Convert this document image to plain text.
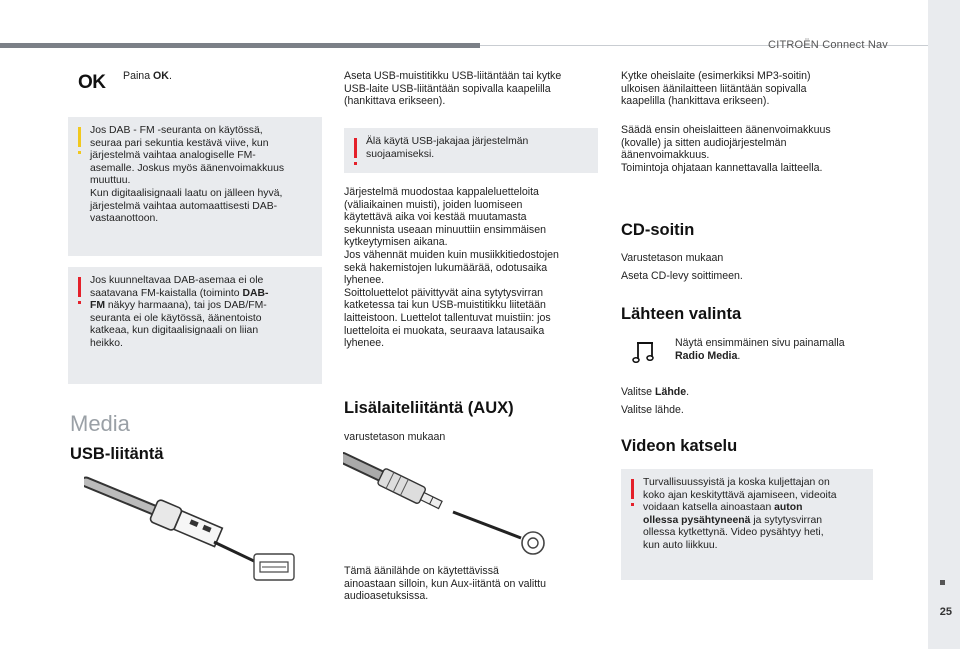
CITROËN Connect Nav
25
OK Paina OK.
Jos DAB - FM -seuranta on käytössä,
seuraa pari sekuntia kestävä viive, kun
järjestelmä vaihtaa analogiselle FM-
asemalle. Joskus myös äänenvoimakkuus
muuttuu.
Kun digitaalisignaali laatu on jälleen hyvä,
järjestelmä vaihtaa automaattisesti DAB-
vastaanottoon.
Jos kuunneltavaa DAB-asemaa ei ole
saatavana FM-kaistalla (toiminto DAB-
FM näkyy harmaana), tai jos DAB/FM-
seuranta ei ole käytössä, äänentoisto
katkeaa, kun digitaalisignaali on liian
heikko.
Media
USB-liitäntä
Aseta USB-muistitikku USB-liitäntään tai kytke
USB-laite USB-liitäntään sopivalla kaapelilla
(hankittava erikseen).
Älä käytä USB-jakajaa järjestelmän
suojaamiseksi.
Järjestelmä muodostaa kappaleluetteloita
(väliaikainen muisti), joiden luomiseen
käytettävä aika voi kestää muutamasta
sekunnista useaan minuuttiin ensimmäisen
kytkeytymisen aikana.
Jos vähennät muiden kuin musiikkitiedostojen
sekä hakemistojen lukumäärää, odotusaika
lyhenee.
Soittoluettelot päivittyvät aina sytytysvirran
katketessa tai kun USB-muistitikku liitetään
laitteistoon. Luettelot tallentuvat muistiin: jos
luetteloita ei muokata, seuraava latausaika
lyhenee.
Lisälaiteliitäntä (AUX)
varustetason mukaan
Tämä äänilähde on käytettävissä
ainoastaan silloin, kun Aux-iitäntä on valittu
audioasetuksissa.
Kytke oheislaite (esimerkiksi MP3-soitin)
ulkoisen äänilaitteen liitäntään sopivalla
kaapelilla (hankittava erikseen).
Säädä ensin oheislaitteen äänenvoimakkuus
(kovalle) ja sitten audiojärjestelmän
äänenvoimakkuus.
Toimintoja ohjataan kannettavalla laitteella.
CD-soitin
Varustetason mukaan
Aseta CD-levy soittimeen.
Lähteen valinta
Näytä ensimmäinen sivu painamalla
Radio Media.
Valitse Lähde.
Valitse lähde.
Videon katselu
Turvallisuussyistä ja koska kuljettajan on
koko ajan keskityttävä ajamiseen, videoita
voidaan katsella ainoastaan auton
ollessa pysähtyneenä ja sytytysvirran
ollessa kytkettynä. Video pysähtyy heti,
kun auto liikkuu.
